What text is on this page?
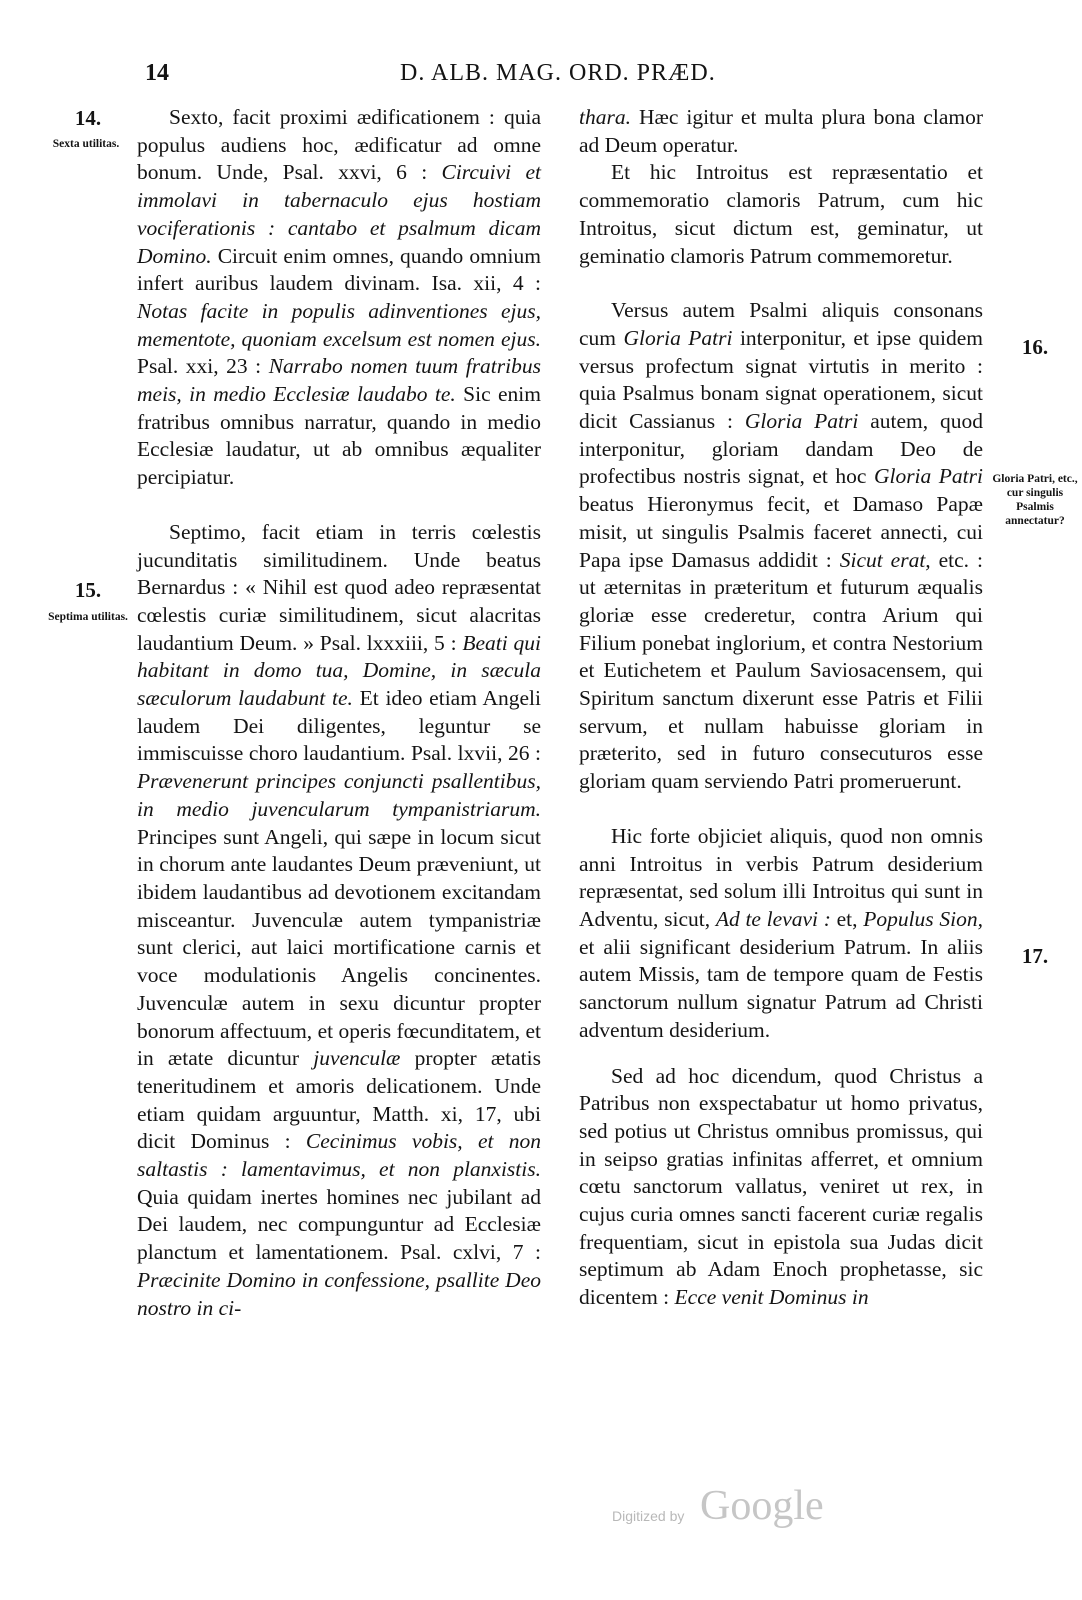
14	D. ALB. MAG. ORD. PRÆD.
14.
Sexta utilitas.
15.
Septima utilitas.
16.
Gloria Patri, etc., cur singulis Psalmis annectatur?
17.

Sexto, facit proximi ædificationem : quia populus audiens hoc, ædificatur ad omne bonum. Unde, Psal. xxvi, 6 : Circuivi et immolavi in tabernaculo ejus hostiam vociferationis : cantabo et psalmum dicam Domino. Circuit enim omnes, quando omnium infert auribus laudem divinam. Isa. xii, 4 : Notas facite in populis adinventiones ejus, mementote, quoniam excelsum est nomen ejus. Psal. xxi, 23 : Narrabo nomen tuum fratribus meis, in medio Ecclesiæ laudabo te. Sic enim fratribus omnibus narratur, quando in medio Ecclesiæ laudatur, ut ab omnibus æqualiter percipiatur.

Septimo, facit etiam in terris cœlestis jucunditatis similitudinem. Unde beatus Bernardus : « Nihil est quod adeo repræsentat cœlestis curiæ similitudinem, sicut alacritas laudantium Deum. » Psal. lxxxiii, 5 : Beati qui habitant in domo tua, Domine, in sæcula sæculorum laudabunt te. Et ideo etiam Angeli laudem Dei diligentes, leguntur se immiscuisse choro laudantium. Psal. lxvii, 26 : Prævenerunt principes conjuncti psallentibus, in medio juvencularum tympanistriarum. Principes sunt Angeli, qui sæpe in locum sicut in chorum ante laudantes Deum præveniunt, ut ibidem laudantibus ad devotionem excitandam misceantur. Juvenculæ autem tympanistriæ sunt clerici, aut laici mortificatione carnis et voce modulationis Angelis concinentes. Juvenculæ autem in sexu dicuntur propter bonorum affectuum, et operis fœcunditatem, et in ætate dicuntur juvenculæ propter ætatis teneritudinem et amoris delicationem. Unde etiam quidam arguuntur, Matth. xi, 17, ubi dicit Dominus : Cecinimus vobis, et non saltastis : lamentavimus, et non planxistis. Quia quidam inertes homines nec jubilant ad Dei laudem, nec compunguntur ad Ecclesiæ planctum et lamentationem. Psal. cxlvi, 7 : Præcinite Domino in confessione, psallite Deo nostro in ci-

thara. Hæc igitur et multa plura bona clamor ad Deum operatur.

Et hic Introitus est repræsentatio et commemoratio clamoris Patrum, cum hic Introitus, sicut dictum est, geminatur, ut geminatio clamoris Patrum commemoretur.

Versus autem Psalmi aliquis consonans cum Gloria Patri interponitur, et ipse quidem versus profectum signat virtutis in merito : quia Psalmus bonam signat operationem, sicut dicit Cassianus : Gloria Patri autem, quod interponitur, gloriam dandam Deo de profectibus nostris signat, et hoc Gloria Patri beatus Hieronymus fecit, et Damaso Papæ misit, ut singulis Psalmis faceret annecti, cui Papa ipse Damasus addidit : Sicut erat, etc. : ut æternitas in præteritum et futurum æqualis gloriæ esse crederetur, contra Arium qui Filium ponebat inglorium, et contra Nestorium et Eutichetem et Paulum Saviosacensem, qui Spiritum sanctum dixerunt esse Patris et Filii servum, et nullam habuisse gloriam in præterito, sed in futuro consecuturos esse gloriam quam serviendo Patri promeruerunt.

Hic forte objiciet aliquis, quod non omnis anni Introitus in verbis Patrum desiderium repræsentat, sed solum illi Introitus qui sunt in Adventu, sicut, Ad te levavi : et, Populus Sion, et alii significant desiderium Patrum. In aliis autem Missis, tam de tempore quam de Festis sanctorum nullum signatur Patrum ad Christi adventum desiderium.

Sed ad hoc dicendum, quod Christus a Patribus non exspectabatur ut homo privatus, sed potius ut Christus omnibus promissus, qui in seipso gratias infinitas afferret, et omnium cœtu sanctorum vallatus, veniret ut rex, in cujus curia omnes sancti facerent curiæ regalis frequentiam, sicut in epistola sua Judas dicit septimum ab Adam Enoch prophetasse, sic dicentem : Ecce venit Dominus in

Digitized by Google
